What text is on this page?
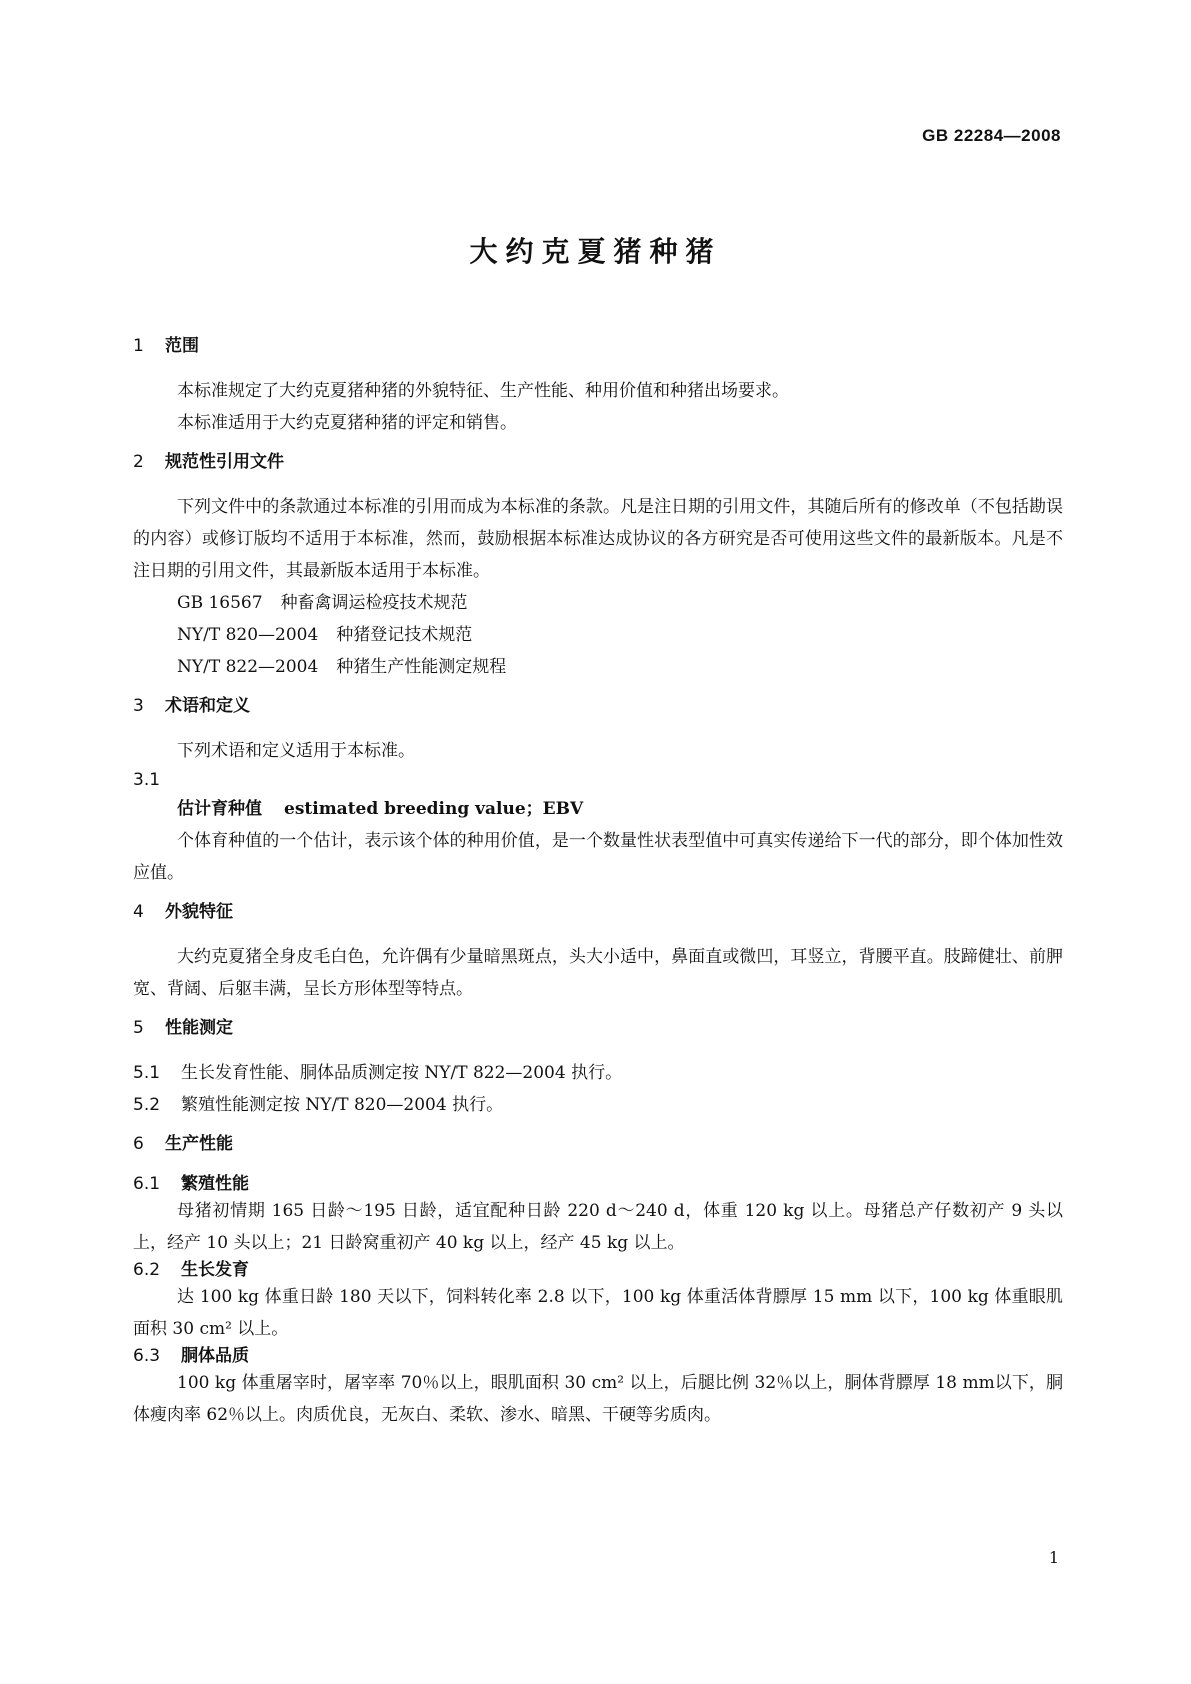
GB 22284—2008
大约克夏猪种猪
1 范围

本标准规定了大约克夏猪种猪的外貌特征、生产性能、种用价值和种猪出场要求。

本标准适用于大约克夏猪种猪的评定和销售。

2 规范性引用文件

下列文件中的条款通过本标准的引用而成为本标准的条款。凡是注日期的引用文件，其随后所有的修改单（不包括勘误的内容）或修订版均不适用于本标准，然而，鼓励根据本标准达成协议的各方研究是否可使用这些文件的最新版本。凡是不注日期的引用文件，其最新版本适用于本标准。

GB 16567 种畜禽调运检疫技术规范
NY/T 820—2004 种猪登记技术规范
NY/T 822—2004 种猪生产性能测定规程
3 术语和定义

下列术语和定义适用于本标准。

3.1
估计育种值 estimated breeding value；EBV

个体育种值的一个估计，表示该个体的种用价值，是一个数量性状表型值中可真实传递给下一代的部分，即个体加性效应值。

4 外貌特征

大约克夏猪全身皮毛白色，允许偶有少量暗黑斑点，头大小适中，鼻面直或微凹，耳竖立，背腰平直。肢蹄健壮、前胛宽、背阔、后躯丰满，呈长方形体型等特点。

5 性能测定
5.1 生长发育性能、胴体品质测定按 NY/T 822—2004 执行。
5.2 繁殖性能测定按 NY/T 820—2004 执行。
6 生产性能
6.1 繁殖性能

母猪初情期 165 日龄～195 日龄，适宜配种日龄 220 d～240 d，体重 120 kg 以上。母猪总产仔数初产 9 头以上，经产 10 头以上；21 日龄窝重初产 40 kg 以上，经产 45 kg 以上。

6.2 生长发育

达 100 kg 体重日龄 180 天以下，饲料转化率 2.8 以下，100 kg 体重活体背膘厚 15 mm 以下，100 kg 体重眼肌面积 30 cm² 以上。

6.3 胴体品质

100 kg 体重屠宰时，屠宰率 70％以上，眼肌面积 30 cm² 以上，后腿比例 32％以上，胴体背膘厚 18 mm以下，胴体瘦肉率 62％以上。肉质优良，无灰白、柔软、渗水、暗黑、干硬等劣质肉。

1
